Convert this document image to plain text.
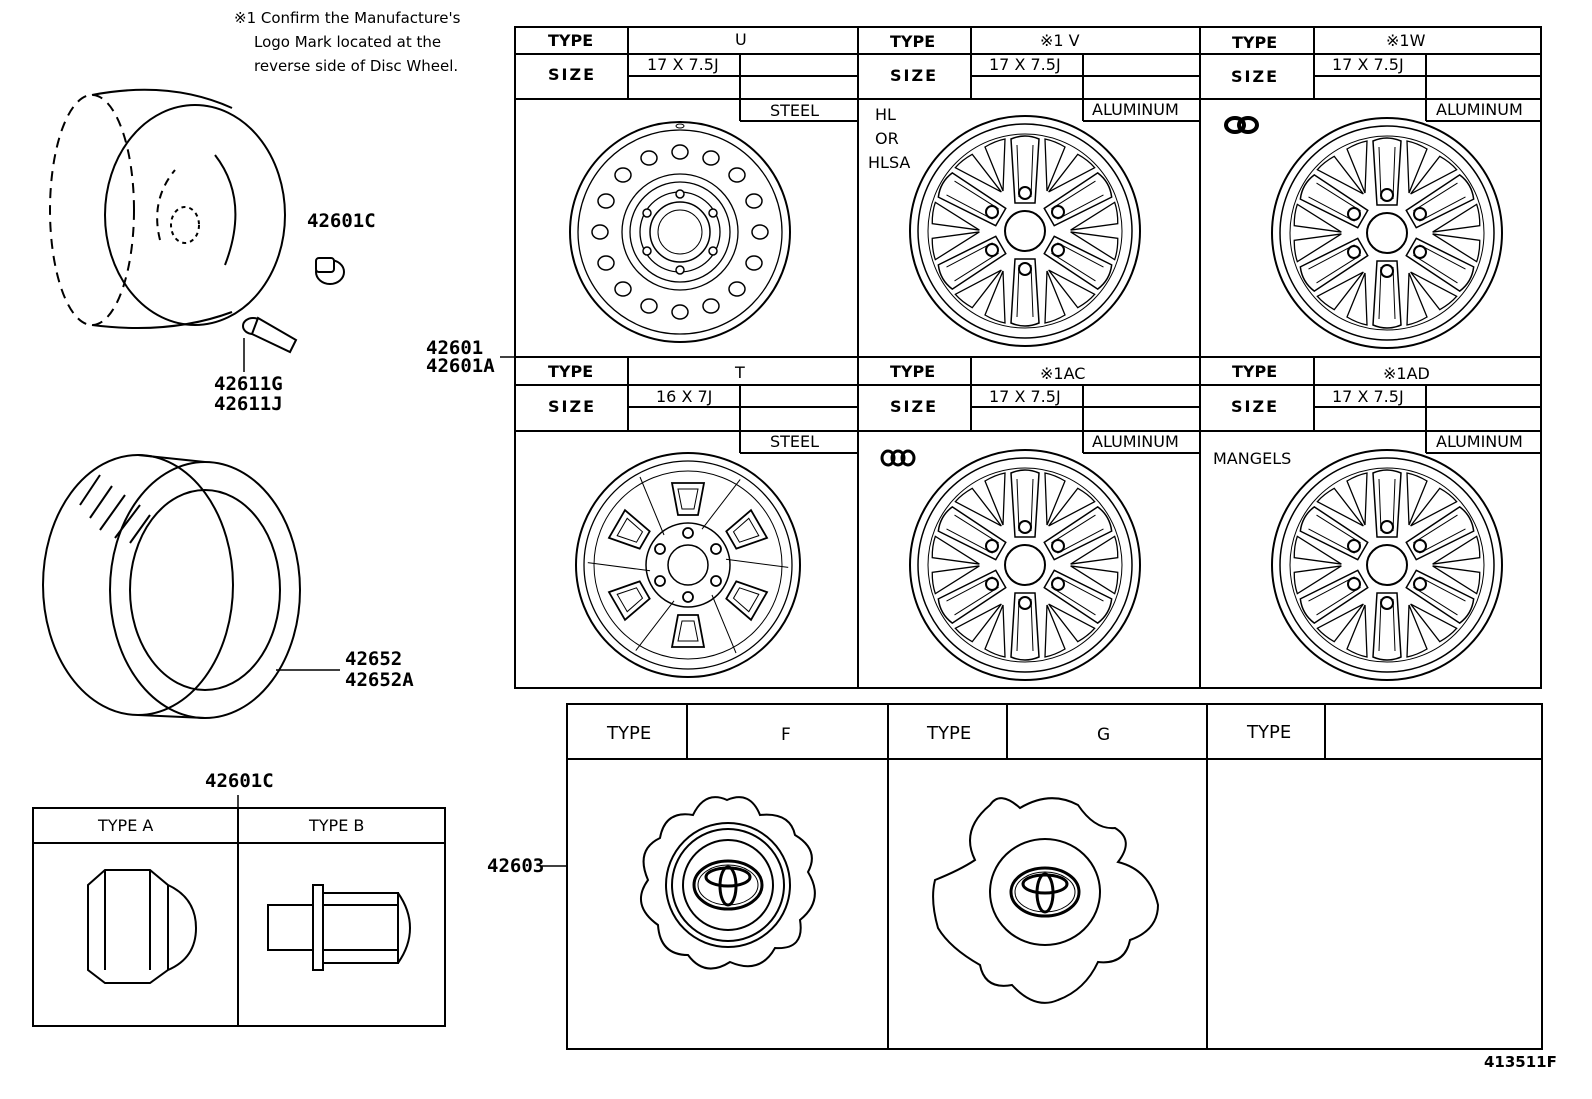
※1 Confirm the Manufacture's
Logo Mark located at the
reverse side of Disc Wheel.
42601C
42611G
42611J
42601
42601A
42652
42652A
42601C
42603
TYPE A	TYPE B
TYPE	U
SIZE
17 X 7.5J
STEEL
TYPE	※1 V
SIZE
17 X 7.5J
ALUMINUM
HL
OR
HLSA
TYPE	※1W
SIZE
17 X 7.5J
ALUMINUM
TYPE	T
SIZE
16 X 7J
STEEL
TYPE	※1AC
SIZE
17 X 7.5J
ALUMINUM
TYPE	※1AD
SIZE
17 X 7.5J
ALUMINUM
MANGELS
TYPE	F	TYPE	G	TYPE
413511F
